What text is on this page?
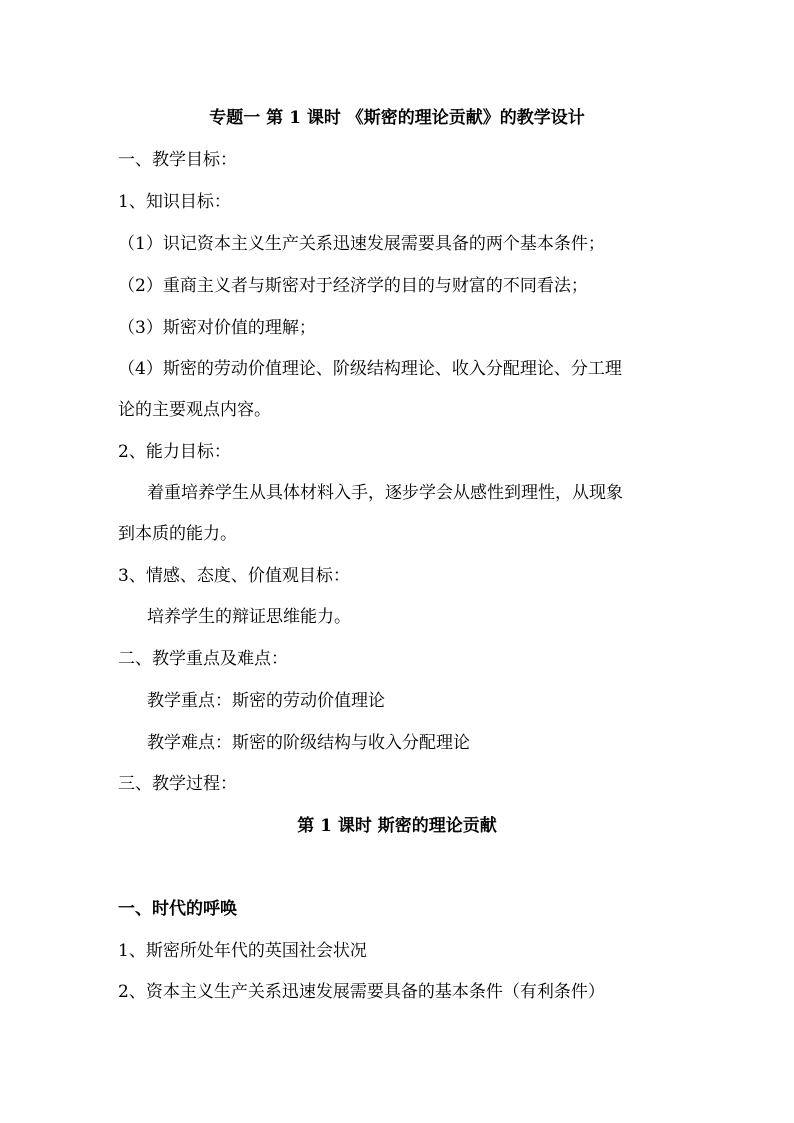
专题一 第 1 课时 《斯密的理论贡献》的教学设计
一、教学目标：
1、知识目标：
（1）识记资本主义生产关系迅速发展需要具备的两个基本条件；
（2）重商主义者与斯密对于经济学的目的与财富的不同看法；
（3）斯密对价值的理解；
（4）斯密的劳动价值理论、阶级结构理论、收入分配理论、分工理
论的主要观点内容。
2、能力目标：
着重培养学生从具体材料入手，逐步学会从感性到理性，从现象
到本质的能力。
3、情感、态度、价值观目标：
培养学生的辩证思维能力。
二、教学重点及难点：
教学重点：斯密的劳动价值理论
教学难点：斯密的阶级结构与收入分配理论
三、教学过程：
第 1 课时 斯密的理论贡献
一、时代的呼唤
1、斯密所处年代的英国社会状况
2、资本主义生产关系迅速发展需要具备的基本条件（有利条件）
